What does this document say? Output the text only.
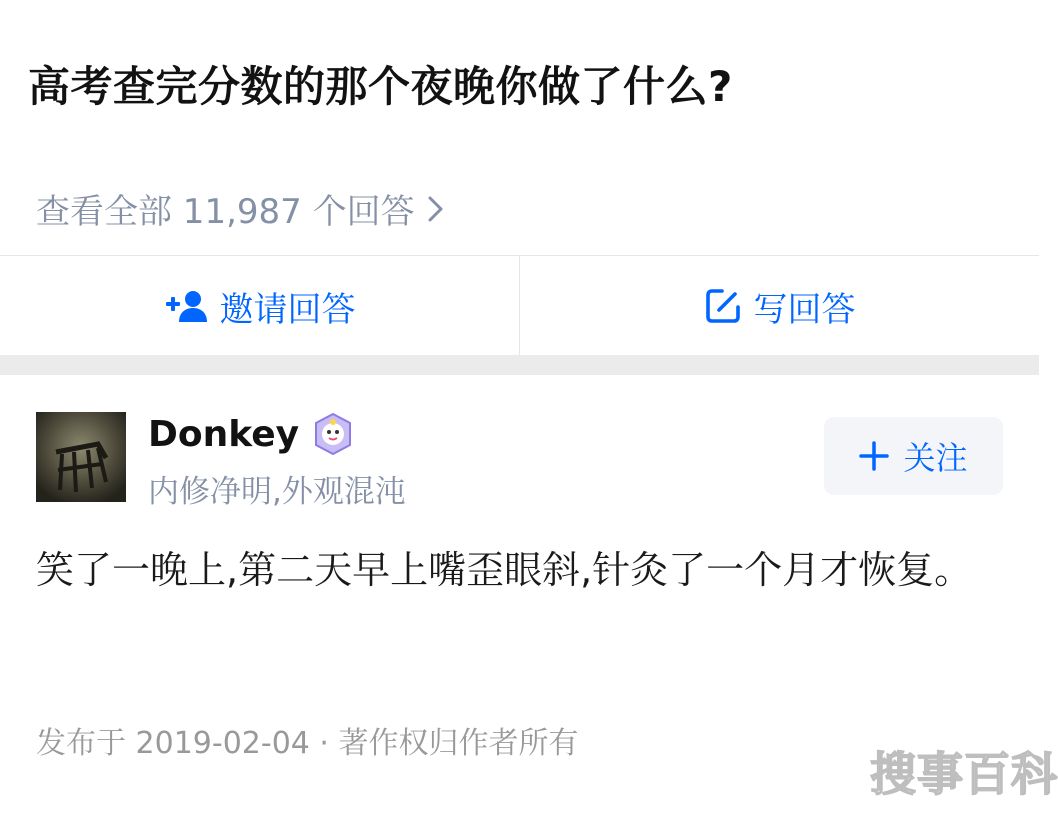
高考查完分数的那个夜晚你做了什么?
查看全部 11,987 个回答
邀请回答	写回答
Donkey
内修净明,外观混沌
关注
笑了一晚上,第二天早上嘴歪眼斜,针灸了一个月才恢复。
发布于 2019-02-04 · 著作权归作者所有
搜事百科
